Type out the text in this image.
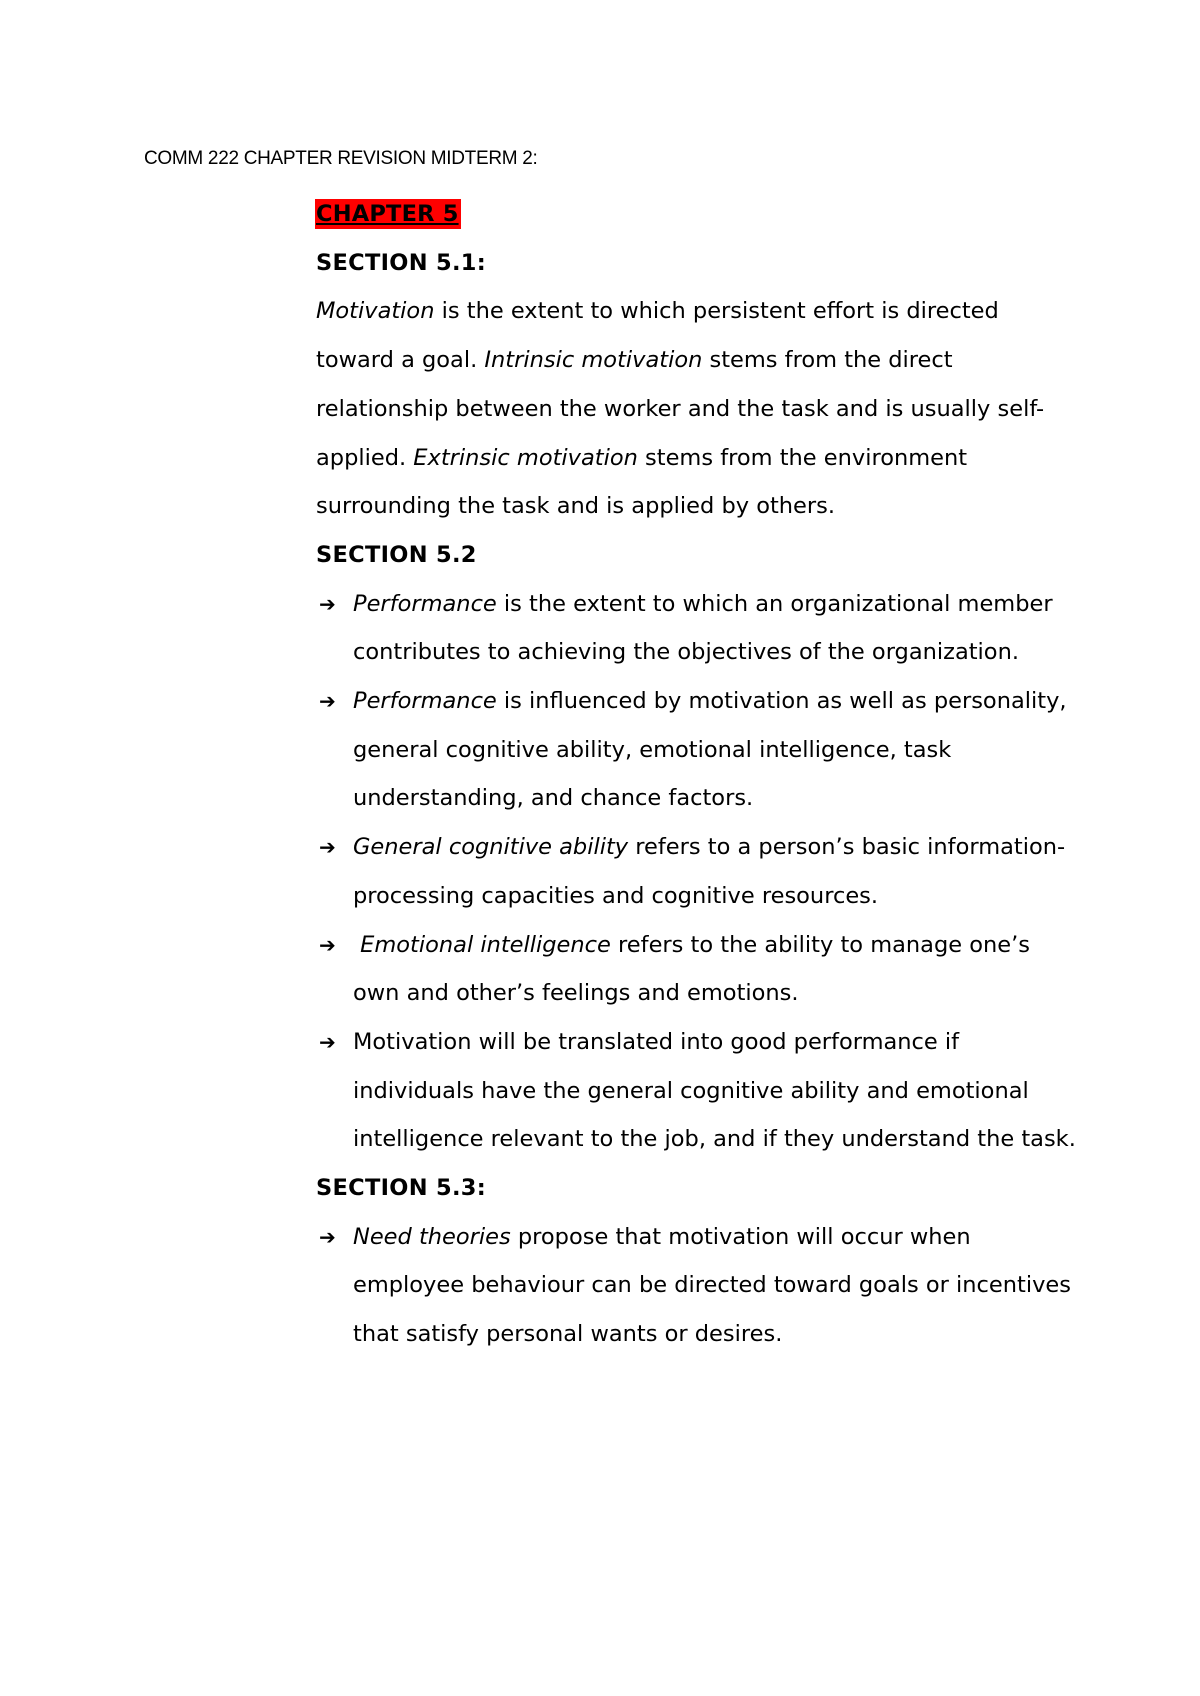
COMM 222 CHAPTER REVISION MIDTERM 2:
CHAPTER 5
SECTION 5.1:

Motivation is the extent to which persistent effort is directed toward a goal. Intrinsic motivation stems from the direct relationship between the worker and the task and is usually self-applied. Extrinsic motivation stems from the environment surrounding the task and is applied by others.

SECTION 5.2
➔ Performance is the extent to which an organizational member contributes to achieving the objectives of the organization.
➔ Performance is influenced by motivation as well as personality, general cognitive ability, emotional intelligence, task understanding, and chance factors.
➔ General cognitive ability refers to a person’s basic information-processing capacities and cognitive resources.
➔ Emotional intelligence refers to the ability to manage one’s own and other’s feelings and emotions.
➔ Motivation will be translated into good performance if individuals have the general cognitive ability and emotional intelligence relevant to the job, and if they understand the task.
SECTION 5.3:
➔ Need theories propose that motivation will occur when employee behaviour can be directed toward goals or incentives that satisfy personal wants or desires.
